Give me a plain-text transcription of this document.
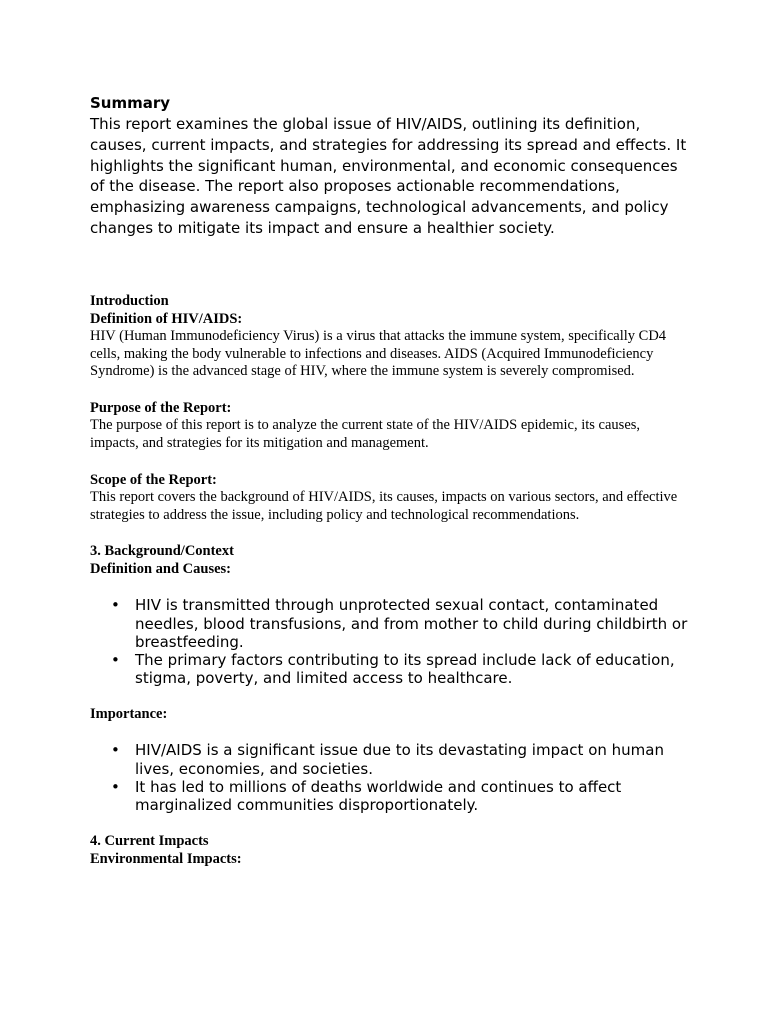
Summary

This report examines the global issue of HIV/AIDS, outlining its definition, causes, current impacts, and strategies for addressing its spread and effects. It highlights the significant human, environmental, and economic consequences of the disease. The report also proposes actionable recommendations, emphasizing awareness campaigns, technological advancements, and policy changes to mitigate its impact and ensure a healthier society.

Introduction

Definition of HIV/AIDS:

HIV (Human Immunodeficiency Virus) is a virus that attacks the immune system, specifically CD4 cells, making the body vulnerable to infections and diseases. AIDS (Acquired Immunodeficiency Syndrome) is the advanced stage of HIV, where the immune system is severely compromised.

Purpose of the Report:

The purpose of this report is to analyze the current state of the HIV/AIDS epidemic, its causes, impacts, and strategies for its mitigation and management.

Scope of the Report:

This report covers the background of HIV/AIDS, its causes, impacts on various sectors, and effective strategies to address the issue, including policy and technological recommendations.

3. Background/Context

Definition and Causes:

• HIV is transmitted through unprotected sexual contact, contaminated needles, blood transfusions, and from mother to child during childbirth or breastfeeding.
• The primary factors contributing to its spread include lack of education, stigma, poverty, and limited access to healthcare.

Importance:

• HIV/AIDS is a significant issue due to its devastating impact on human lives, economies, and societies.
• It has led to millions of deaths worldwide and continues to affect marginalized communities disproportionately.

4. Current Impacts

Environmental Impacts:
